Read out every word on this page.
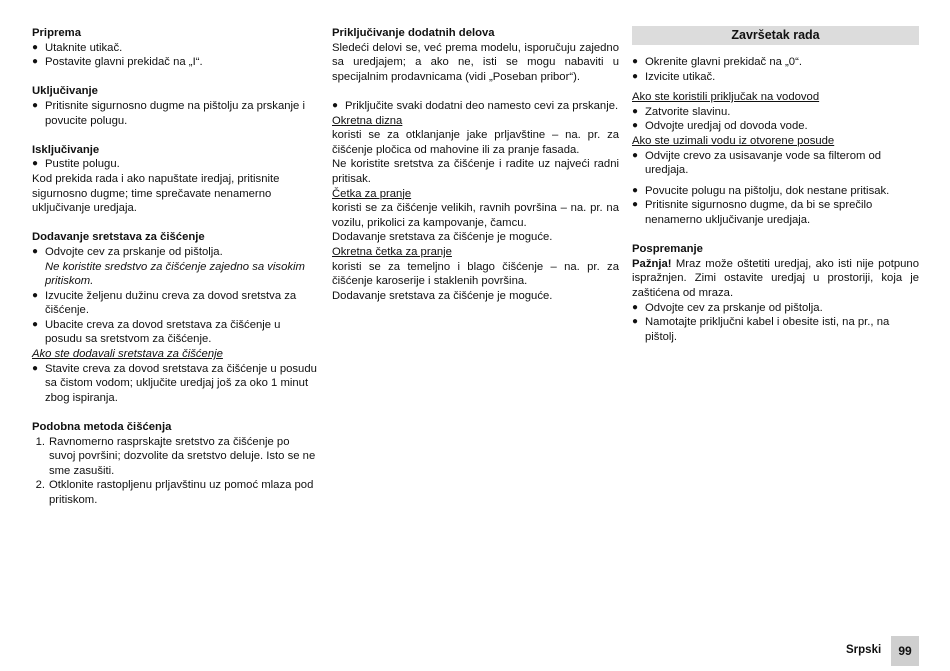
Priprema

● Utaknite utikač.
● Postavite glavni prekidač na „I“.

Uključivanje

● Pritisnite sigurnosno dugme na pištolju za prskanje i povucite polugu.

Isključivanje

● Pustite polugu.

Kod prekida rada i ako napuštate iredjaj, pritisnite sigurnosno dugme; time sprečavate nenamerno uključivanje uredjaja.

Dodavanje sretstava za čišćenje

● Odvojte cev za prskanje od pištolja.

Ne koristite sredstvo za čišćenje zajedno sa visokim pritiskom.

● Izvucite željenu dužinu creva za dovod sretstva za čišćenje.
● Ubacite creva za dovod sretstava za čišćenje u posudu sa sretstvom za čišćenje.

Ako ste dodavali sretstava za čišćenje

● Stavite creva za dovod sretstava za čišćenje u posudu sa čistom vodom; uključite uredjaj još za oko 1 minut zbog ispiranja.

Podobna metoda čišćenja

1. Ravnomerno rasprskajte sretstvo za čišćenje po suvoj površini; dozvolite da sretstvo deluje. Isto se ne sme zasušiti.
2. Otklonite rastopljenu prljavštinu uz pomoć mlaza pod pritiskom.

Priključivanje dodatnih delova

Sledeći delovi se, već prema modelu, isporučuju zajedno sa uredjajem; a ako ne, isti se mogu nabaviti u specijalnim prodavnicama (vidi „Poseban pribor“).

● Priključite svaki dodatni deo namesto cevi za prskanje.

Okretna dizna

koristi se za otklanjanje jake prljavštine – na. pr. za čišćenje pločica od mahovine ili za pranje fasada.

Ne koristite sretstva za čišćenje i radite uz najveći radni pritisak.

Četka za pranje

koristi se za čišćenje velikih, ravnih površina – na. pr. na vozilu, prikolici za kampovanje, čamcu.

Dodavanje sretstava za čišćenje je moguće.

Okretna četka za pranje

koristi se za temeljno i blago čišćenje – na. pr. za čišćenje karoserije i staklenih površina.

Dodavanje sretstava za čišćenje je moguće.

Završetak rada
● Okrenite glavni prekidač na „0“.
● Izvicite utikač.

Ako ste koristili priključak na vodovod

● Zatvorite slavinu.
● Odvojte uredjaj od dovoda vode.

Ako ste uzimali vodu iz otvorene posude

● Odvijte crevo za usisavanje vode sa filterom od uredjaja.
● Povucite polugu na pištolju, dok nestane pritisak.
● Pritisnite sigurnosno dugme, da bi se sprečilo nenamerno uključivanje uredjaja.

Pospremanje

Pažnja! Mraz može oštetiti uredjaj, ako isti nije potpuno ispražnjen. Zimi ostavite uredjaj u prostoriji, koja je zaštićena od mraza.

● Odvojte cev za prskanje od pištolja.
● Namotajte priključni kabel i obesite isti, na pr., na pištolj.
Srpski	99
